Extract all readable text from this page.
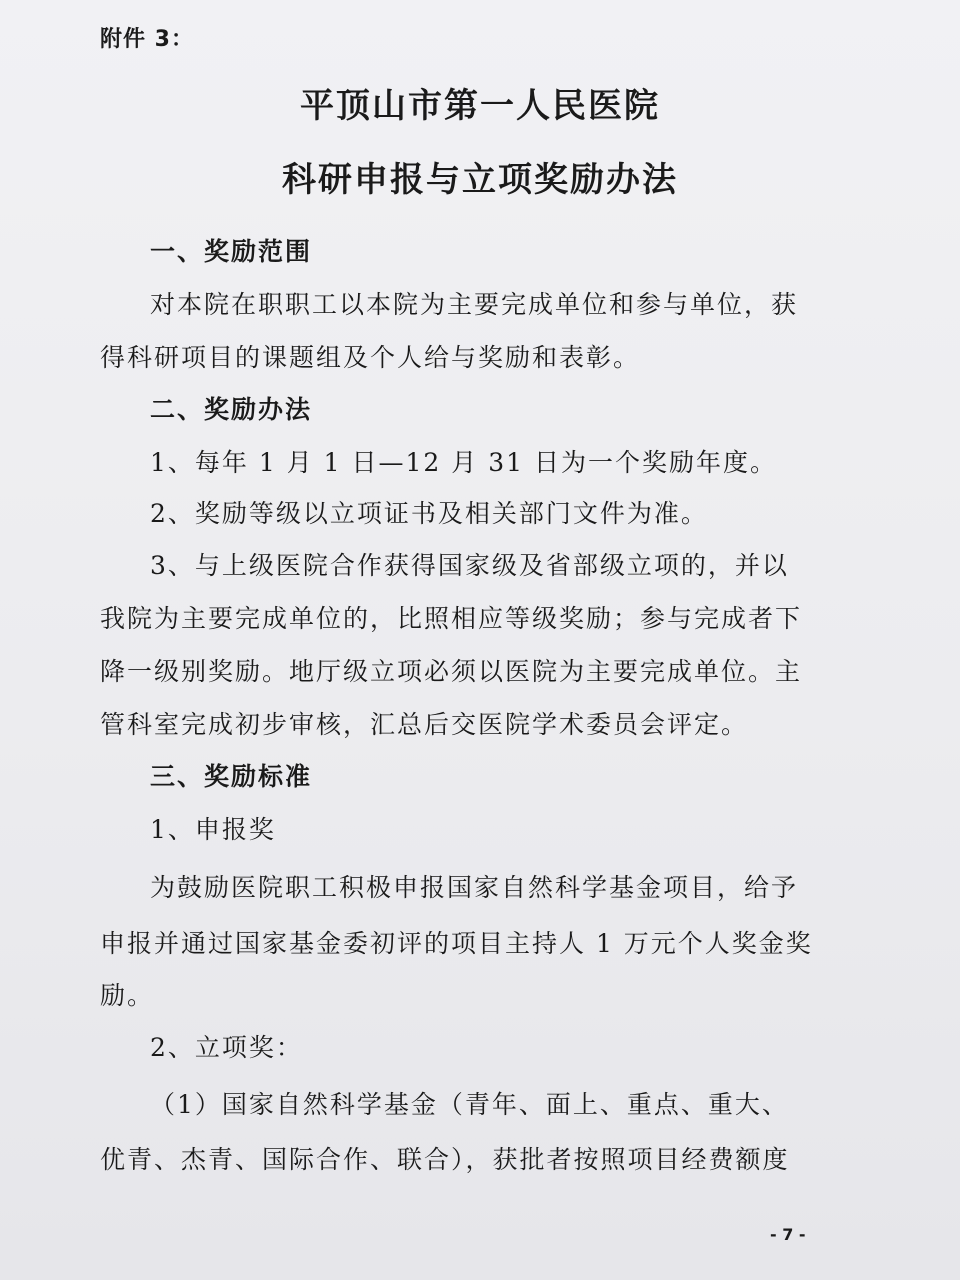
附件 3：
平顶山市第一人民医院
科研申报与立项奖励办法
一、奖励范围
对本院在职职工以本院为主要完成单位和参与单位，获
得科研项目的课题组及个人给与奖励和表彰。
二、奖励办法
1、每年 1 月 1 日—12 月 31 日为一个奖励年度。
2、奖励等级以立项证书及相关部门文件为准。
3、与上级医院合作获得国家级及省部级立项的，并以
我院为主要完成单位的，比照相应等级奖励；参与完成者下
降一级别奖励。地厅级立项必须以医院为主要完成单位。主
管科室完成初步审核，汇总后交医院学术委员会评定。
三、奖励标准
1、申报奖
为鼓励医院职工积极申报国家自然科学基金项目，给予
申报并通过国家基金委初评的项目主持人 1 万元个人奖金奖
励。
2、立项奖：
（1）国家自然科学基金（青年、面上、重点、重大、
优青、杰青、国际合作、联合），获批者按照项目经费额度
- 7 -
